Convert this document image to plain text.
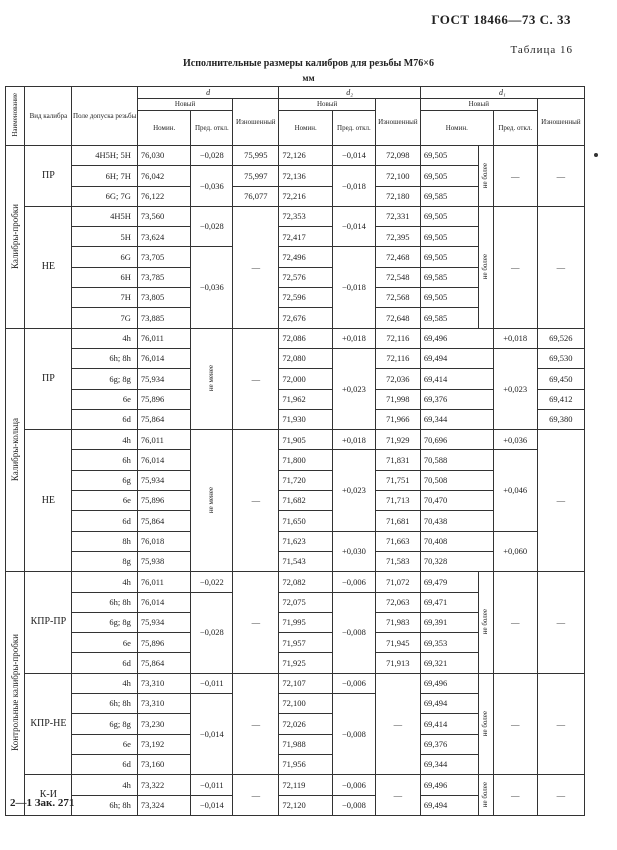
ГОСТ 18466—73 С. 33
Таблица 16
Исполнительные размеры калибров для резьбы М76×6
мм
Наименование	Вид калибра	Поле допуска резьбы	d			d₂			d₁			
			Новый		Изношенный	Новый		Изношенный	Новый			Изношенный
			Номин.	Пред. откл.		Номин.	Пред. откл.		Номин.		Пред. откл.	
Калибры-пробки	ПР	4H5H; 5H	76,030	−0,028	75,995	72,126	−0,014	72,098	69,505	не более	—	—
		6H; 7H	76,042	−0,036	75,997	72,136	−0,018	72,100	69,505			
		6G; 7G	76,122		76,077	72,216		72,180	69,585			
	НЕ	4H5H	73,560	−0,028	—	72,353	−0,014	72,331	69,505	не более	—	—
		5H	73,624			72,417		72,395	69,505			
		6G	73,705	−0,036		72,496	−0,018	72,468	69,505			
		6H	73,785			72,576		72,548	69,585			
		7H	73,805			72,596		72,568	69,505			
		7G	73,885			72,676		72,648	69,585			
Калибры-кольца	ПР	4h	76,011	не менее	—	72,086	+0,018	72,116	69,496		+0,018	69,526
		6h; 8h	76,014			72,080	+0,023	72,116	69,494		+0,023	69,530
		6g; 8g	75,934			72,000		72,036	69,414			69,450
		6e	75,896			71,962		71,998	69,376			69,412
		6d	75,864			71,930		71,966	69,344			69,380
	НЕ	4h	76,011	не менее	—	71,905	+0,018	71,929	70,696		+0,036	—
		6h	76,014			71,800	+0,023	71,831	70,588		+0,046	
		6g	75,934			71,720		71,751	70,508			
		6e	75,896			71,682		71,713	70,470			
		6d	75,864			71,650		71,681	70,438			
		8h	76,018			71,623	+0,030	71,663	70,408		+0,060	
		8g	75,938			71,543		71,583	70,328			
Контрольные калибры-пробки	КПР-ПР	4h	76,011	−0,022	—	72,082	−0,006	71,072	69,479	не более	—	—
		6h; 8h	76,014	−0,028		72,075	−0,008	72,063	69,471			
		6g; 8g	75,934			71,995		71,983	69,391			
		6e	75,896			71,957		71,945	69,353			
		6d	75,864			71,925		71,913	69,321			
	КПР-НЕ	4h	73,310	−0,011	—	72,107	−0,006	—	69,496	не более	—	—
		6h; 8h	73,310	−0,014		72,100	−0,008		69,494			
		6g; 8g	73,230			72,026			69,414			
		6e	73,192			71,988			69,376			
		6d	73,160			71,956			69,344			
	К-И	4h	73,322	−0,011	—	72,119	−0,006	—	69,496	не более	—	—
		6h; 8h	73,324	−0,014		72,120	−0,008		69,494			
2—1 Зак. 271
